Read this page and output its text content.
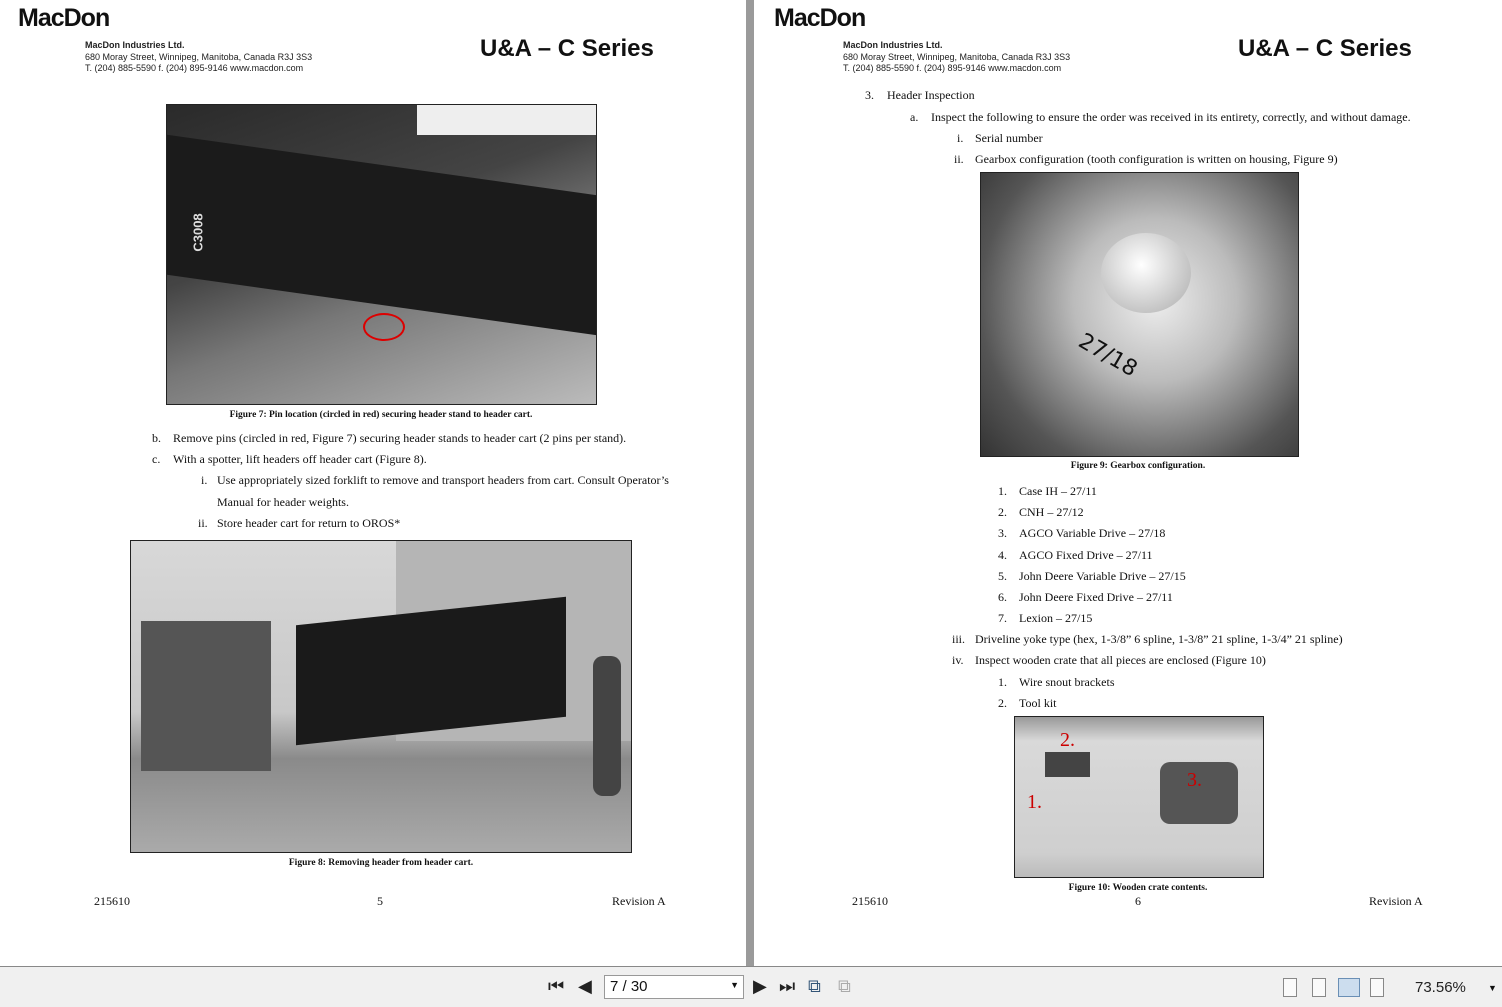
MacDon
MacDon Industries Ltd.
680 Moray Street, Winnipeg, Manitoba, Canada R3J 3S3
T. (204) 885-5590 f. (204) 895-9146 www.macdon.com
U&A – C Series
C3008
Figure 7: Pin location (circled in red) securing header stand to header cart.
b. Remove pins (circled in red, Figure 7) securing header stands to header cart (2 pins per stand).
c. With a spotter, lift headers off header cart (Figure 8).
i. Use appropriately sized forklift to remove and transport headers from cart. Consult Operator’s
Manual for header weights.
ii. Store header cart for return to OROS*
Figure 8: Removing header from header cart.
215610	5	Revision A
MacDon
MacDon Industries Ltd.
680 Moray Street, Winnipeg, Manitoba, Canada R3J 3S3
T. (204) 885-5590 f. (204) 895-9146 www.macdon.com
U&A – C Series
3. Header Inspection
a. Inspect the following to ensure the order was received in its entirety, correctly, and without damage.
i. Serial number
ii. Gearbox configuration (tooth configuration is written on housing, Figure 9)
27/18
Figure 9: Gearbox configuration.
1. Case IH – 27/11
2. CNH – 27/12
3. AGCO Variable Drive – 27/18
4. AGCO Fixed Drive – 27/11
5. John Deere Variable Drive – 27/15
6. John Deere Fixed Drive – 27/11
7. Lexion – 27/15
iii. Driveline yoke type (hex, 1-3/8” 6 spline, 1-3/8” 21 spline, 1-3/4” 21 spline)
iv. Inspect wooden crate that all pieces are enclosed (Figure 10)
1. Wire snout brackets
2. Tool kit
2.
1.
3.
Figure 10: Wooden crate contents.
215610	6	Revision A
⏮ ◀	7 / 30	▼ ▶ ⏭ ⧉ ⧉	73.56% ▼
